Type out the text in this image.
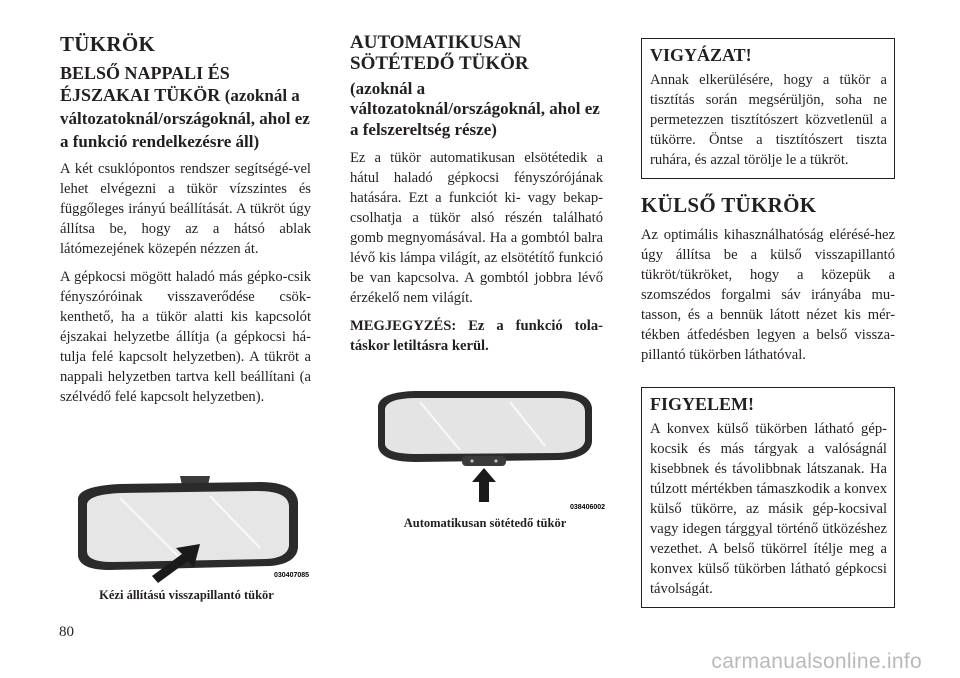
TÜKRÖK
BELSŐ NAPPALI ÉS
ÉJSZAKAI TÜKÖR (azoknál a változatoknál/országoknál, ahol ez a funkció rendelkezésre áll)

A két csuklópontos rendszer segítségé-vel lehet elvégezni a tükör vízszintes és függőleges irányú beállítását. A tükröt úgy állítsa be, hogy az a hátsó ablak látómezejének közepén nézzen át.

A gépkocsi mögött haladó más gépko-csik fényszóróinak visszaverődése csök-kenthető, ha a tükör alatti kis kapcsolót éjszakai helyzetbe állítja (a gépkocsi há-tulja felé kapcsolt helyzetben). A tükröt a nappali helyzetben tartva kell beállítani (a szélvédő felé kapcsolt helyzetben).

030407085
Kézi állítású visszapillantó tükör
AUTOMATIKUSAN
SÖTÉTEDŐ TÜKÖR
(azoknál a változatoknál/országoknál, ahol ez a felszereltség része)

Ez a tükör automatikusan elsötétedik a hátul haladó gépkocsi fényszórójának hatására. Ezt a funkciót ki- vagy bekap-csolhatja a tükör alsó részén található gomb megnyomásával. Ha a gombtól balra lévő kis lámpa világít, az elsötétítő funkció be van kapcsolva. A gombtól jobbra lévő érzékelő nem világít.

MEGJEGYZÉS: Ez a funkció tola-táskor letiltásra kerül.

038406002
Automatikusan sötétedő tükör
VIGYÁZAT!

Annak elkerülésére, hogy a tükör a tisztítás során megsérüljön, soha ne permetezzen tisztítószert közvetlenül a tükörre. Öntse a tisztítószert tiszta ruhára, és azzal törölje le a tükröt.

KÜLSŐ TÜKRÖK

Az optimális kihasználhatóság elérésé-hez úgy állítsa be a külső visszapillantó tükröt/tükröket, hogy a közepük a szomszédos forgalmi sáv irányába mu-tasson, és a bennük látott nézet kis mér-tékben átfedésben legyen a belső vissza-pillantó tükörben láthatóval.

FIGYELEM!

A konvex külső tükörben látható gép-kocsik és más tárgyak a valóságnál kisebbnek és távolibbnak látszanak. Ha túlzott mértékben támaszkodik a konvex külső tükörre, az másik gép-kocsival vagy idegen tárggyal történő ütközéshez vezethet. A belső tükörrel ítélje meg a konvex külső tükörben látható gépkocsi távolságát.

80
carmanualsonline.info
